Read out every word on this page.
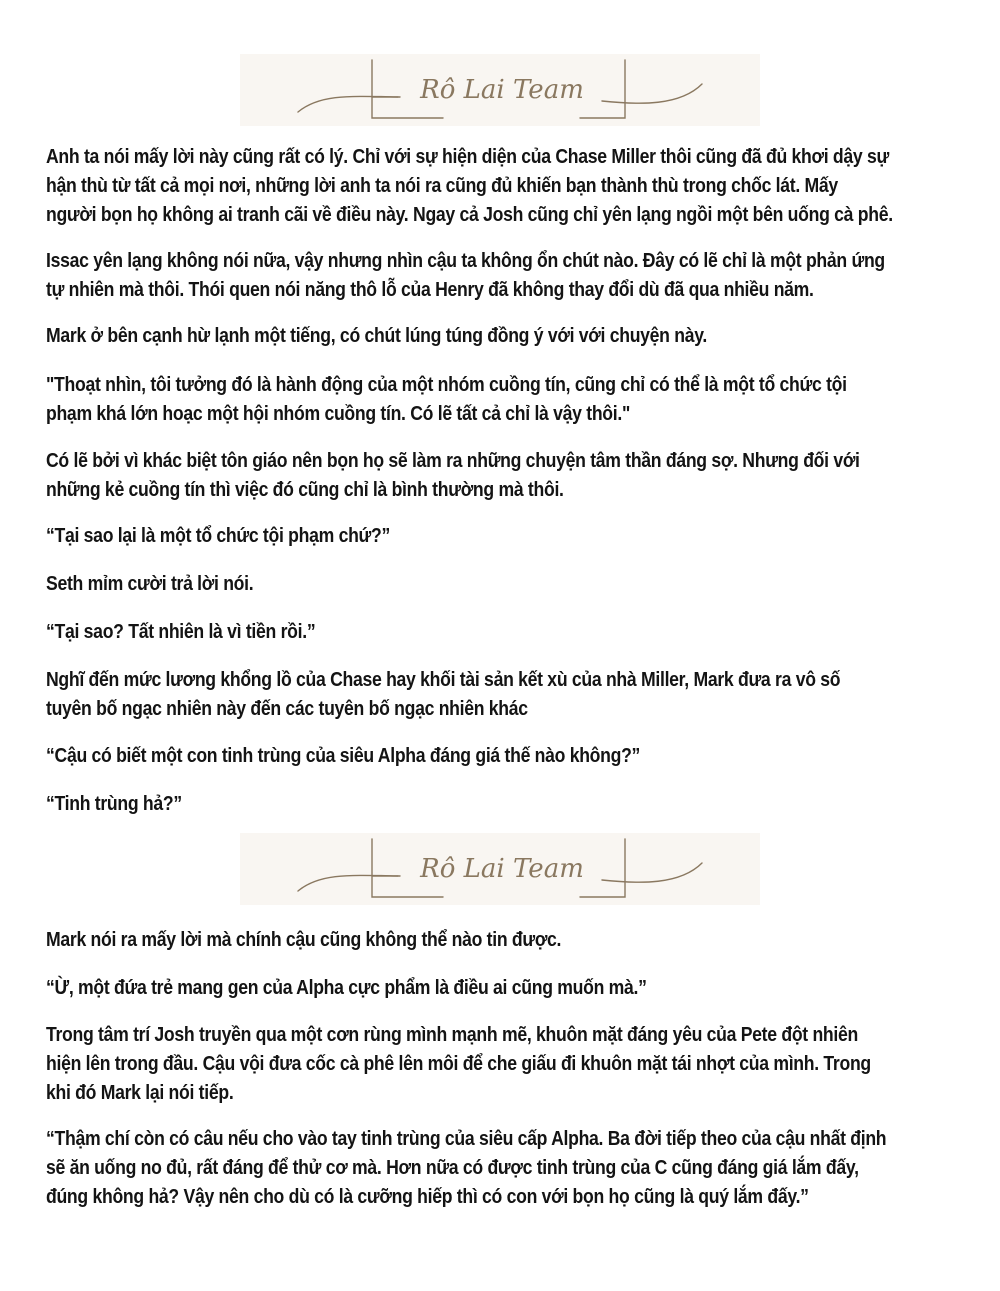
Rô Lai Team

Anh ta nói mấy lời này cũng rất có lý. Chỉ với sự hiện diện của Chase Miller thôi cũng đã đủ khơi dậy sự
hận thù từ tất cả mọi nơi, những lời anh ta nói ra cũng đủ khiến bạn thành thù trong chốc lát. Mấy
người bọn họ không ai tranh cãi về điều này. Ngay cả Josh cũng chỉ yên lạng ngồi một bên uống cà phê.

Issac yên lạng không nói nữa, vậy nhưng nhìn cậu ta không ổn chút nào. Đây có lẽ chỉ là một phản ứng
tự nhiên mà thôi. Thói quen nói năng thô lỗ của Henry đã không thay đổi dù đã qua nhiều năm.

Mark ở bên cạnh hừ lạnh một tiếng, có chút lúng túng đồng ý với với chuyện này.

"Thoạt nhìn, tôi tưởng đó là hành động của một nhóm cuồng tín, cũng chỉ có thể là một tổ chức tội
phạm khá lớn hoạc một hội nhóm cuồng tín. Có lẽ tất cả chỉ là vậy thôi."

Có lẽ bởi vì khác biệt tôn giáo nên bọn họ sẽ làm ra những chuyện tâm thần đáng sợ. Nhưng đối với
những kẻ cuồng tín thì việc đó cũng chỉ là bình thường mà thôi.

“Tại sao lại là một tổ chức tội phạm chứ?”

Seth mỉm cười trả lời nói.

“Tại sao? Tất nhiên là vì tiền rồi.”

Nghĩ đến mức lương khổng lồ của Chase hay khối tài sản kết xù của nhà Miller, Mark đưa ra vô số
tuyên bố ngạc nhiên này đến các tuyên bố ngạc nhiên khác

“Cậu có biết một con tinh trùng của siêu Alpha đáng giá thế nào không?”

“Tinh trùng hả?”

Rô Lai Team

Mark nói ra mấy lời mà chính cậu cũng không thể nào tin được.

“Ừ, một đứa trẻ mang gen của Alpha cực phẩm là điều ai cũng muốn mà.”

Trong tâm trí Josh truyền qua một cơn rùng mình mạnh mẽ, khuôn mặt đáng yêu của Pete đột nhiên
hiện lên trong đầu. Cậu vội đưa cốc cà phê lên môi để che giấu đi khuôn mặt tái nhợt của mình. Trong
khi đó Mark lại nói tiếp.

“Thậm chí còn có câu nếu cho vào tay tinh trùng của siêu cấp Alpha. Ba đời tiếp theo của cậu nhất định
sẽ ăn uống no đủ, rất đáng để thử cơ mà. Hơn nữa có được tinh trùng của C cũng đáng giá lắm đấy,
đúng không hả? Vậy nên cho dù có là cưỡng hiếp thì có con với bọn họ cũng là quý lắm đấy.”
